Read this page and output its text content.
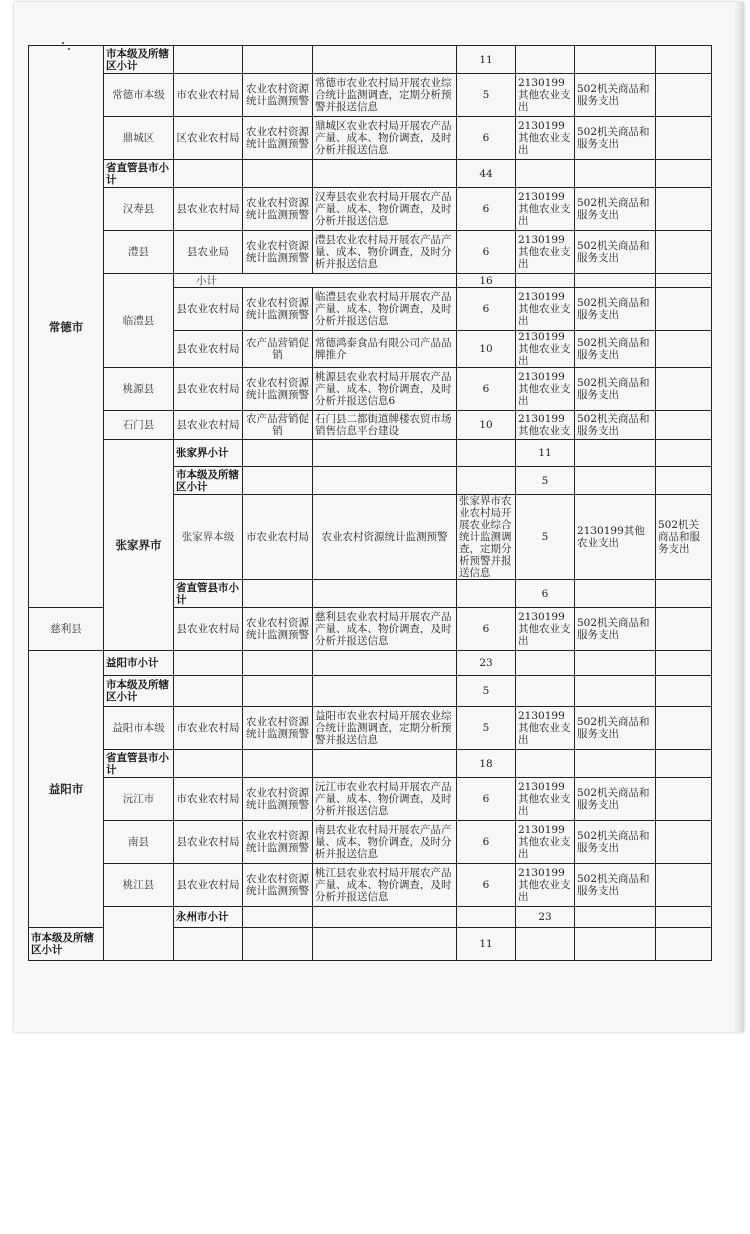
常德市	市本级及所辖区小计				11				
	常德市本级	市农业农村局	农业农村资源统计监测预警	常德市农业农村局开展农业综合统计监测调查，定期分析预警并报送信息	5	2130199其他农业支出	502机关商品和服务支出		
	鼎城区	区农业农村局	农业农村资源统计监测预警	鼎城区农业农村局开展农产品产量、成本、物价调查，及时分析并报送信息	6	2130199其他农业支出	502机关商品和服务支出		
	省直管县市小计				44				
	汉寿县	县农业农村局	农业农村资源统计监测预警	汉寿县农业农村局开展农产品产量、成本、物价调查，及时分析并报送信息	6	2130199其他农业支出	502机关商品和服务支出		
	澧县	县农业局	农业农村资源统计监测预警	澧县农业农村局开展农产品产量、成本、物价调查，及时分析并报送信息	6	2130199其他农业支出	502机关商品和服务支出		
	临澧县	小计			16				
		县农业农村局	农业农村资源统计监测预警	临澧县农业农村局开展农产品产量、成本、物价调查，及时分析并报送信息	6	2130199其他农业支出	502机关商品和服务支出		
		县农业农村局	农产品营销促销	常德鸿泰食品有限公司产品品牌推介	10	2130199其他农业支出	502机关商品和服务支出		
	桃源县	县农业农村局	农业农村资源统计监测预警	桃源县农业农村局开展农产品产量、成本、物价调查，及时分析并报送信息6	6	2130199其他农业支出	502机关商品和服务支出		
	石门县	县农业农村局	农产品营销促销	石门县二都街道牌楼农贸市场销售信息平台建设	10	2130199其他农业支	502机关商品和服务支出		
	张家界市	张家界小计				11			
		市本级及所辖区小计				5			
		张家界本级	市农业农村局	农业农村资源统计监测预警	张家界市农业农村局开展农业综合统计监测调查，定期分析预警并报送信息	5	2130199其他农业支出	502机关商品和服务支出	
		省直管县市小计				6			
慈利县		县农业农村局	农业农村资源统计监测预警	慈利县农业农村局开展农产品产量、成本、物价调查，及时分析并报送信息	6	2130199其他农业支出	502机关商品和服务支出		
益阳市	益阳市小计				23				
	市本级及所辖区小计				5				
	益阳市本级	市农业农村局	农业农村资源统计监测预警	益阳市农业农村局开展农业综合统计监测调查，定期分析预警并报送信息	5	2130199其他农业支出	502机关商品和服务支出		
	省直管县市小计				18				
	沅江市	市农业农村局	农业农村资源统计监测预警	沅江市农业农村局开展农产品产量、成本、物价调查，及时分析并报送信息	6	2130199其他农业支出	502机关商品和服务支出		
	南县	县农业农村局	农业农村资源统计监测预警	南县农业农村局开展农产品产量、成本、物价调查，及时分析并报送信息	6	2130199其他农业支出	502机关商品和服务支出		
	桃江县	县农业农村局	农业农村资源统计监测预警	桃江县农业农村局开展农产品产量、成本、物价调查，及时分析并报送信息	6	2130199其他农业支出	502机关商品和服务支出		
		永州市小计				23			
市本级及所辖区小计					11				
